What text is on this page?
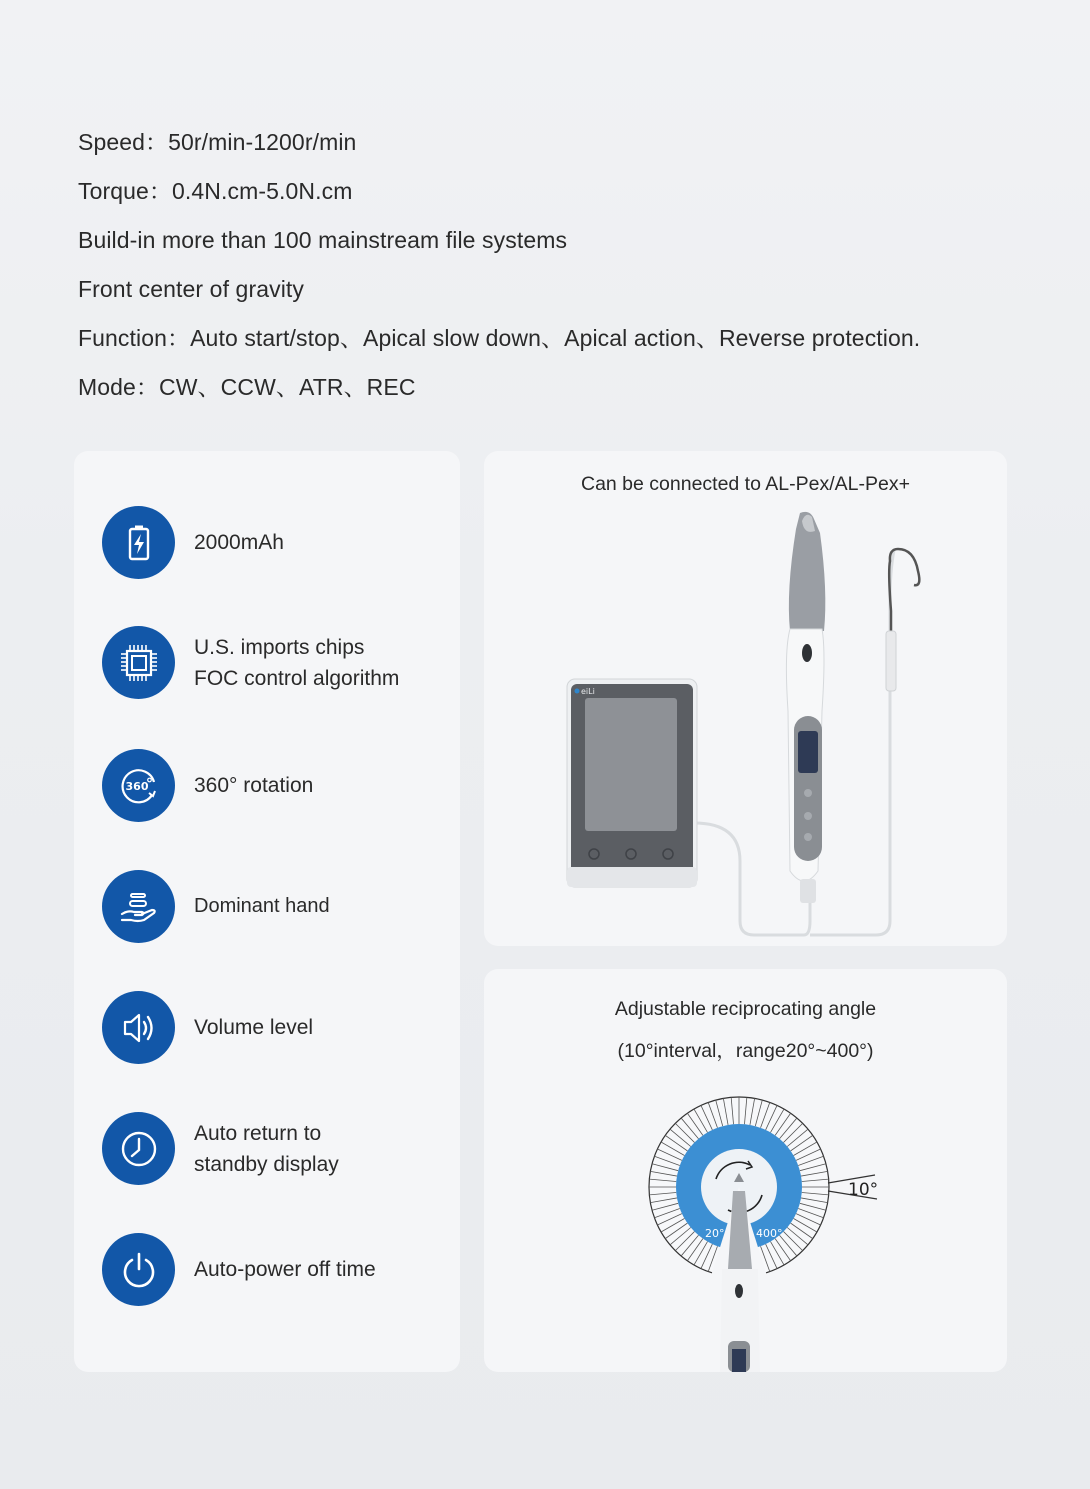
Speed：50r/min-1200r/min
Torque：0.4N.cm-5.0N.cm
Build-in more than 100 mainstream file systems
Front center of gravity
Function：Auto start/stop、Apical slow down、Apical action、Reverse protection.
Mode：CW、CCW、ATR、REC
2000mAh
U.S. imports chips
FOC control algorithm
360 360° rotation
Dominant hand
Volume level
Auto return to
standby display
Auto-power off time
Can be connected to AL-Pex/AL-Pex+
eiLi
Adjustable reciprocating angle
(10°interval，range20°~400°)
10°
20°	400°
